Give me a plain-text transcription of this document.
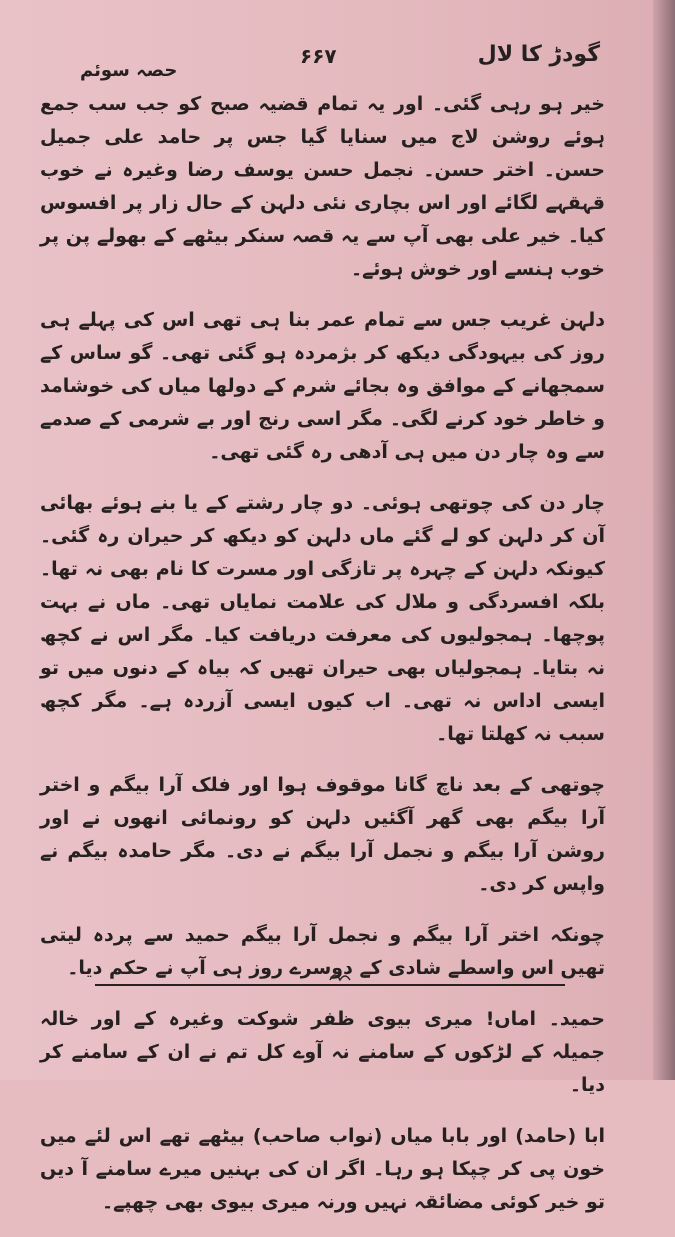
گودڑ کا لال
۶۶۷
حصہ سوئم

خیر ہو رہی گئی۔ اور یہ تمام قضیہ صبح کو جب سب جمع ہوئے روشن لاج میں سنایا گیا جس پر حامد علی جمیل حسن۔ اختر حسن۔ نجمل حسن یوسف رضا وغیرہ نے خوب قہقہے لگائے اور اس بچاری نئی دلہن کے حال زار پر افسوس کیا۔ خیر علی بھی آپ سے یہ قصہ سنکر بیٹھے کے بھولے پن پر خوب ہنسے اور خوش ہوئے۔

دلہن غریب جس سے تمام عمر بنا ہی تھی اس کی پہلے ہی روز کی بیہودگی دیکھ کر بژمردہ ہو گئی تھی۔ گو ساس کے سمجھانے کے موافق وہ بجائے شرم کے دولھا میاں کی خوشامد و خاطر خود کرنے لگی۔ مگر اسی رنج اور بے شرمی کے صدمے سے وہ چار دن میں ہی آدھی رہ گئی تھی۔

چار دن کی چوتھی ہوئی۔ دو چار رشتے کے یا بنے ہوئے بھائی آن کر دلہن کو لے گئے ماں دلہن کو دیکھ کر حیران رہ گئی۔ کیونکہ دلہن کے چہرہ پر تازگی اور مسرت کا نام بھی نہ تھا۔ بلکہ افسردگی و ملال کی علامت نمایاں تھی۔ ماں نے بہت پوچھا۔ ہمجولیوں کی معرفت دریافت کیا۔ مگر اس نے کچھ نہ بتایا۔ ہمجولیاں بھی حیران تھیں کہ بیاہ کے دنوں میں تو ایسی اداس نہ تھی۔ اب کیوں ایسی آزردہ ہے۔ مگر کچھ سبب نہ کھلتا تھا۔

چوتھی کے بعد ناچ گانا موقوف ہوا اور فلک آرا بیگم و اختر آرا بیگم بھی گھر آگئیں دلہن کو رونمائی انھوں نے اور روشن آرا بیگم و نجمل آرا بیگم نے دی۔ مگر حامدہ بیگم نے واپس کر دی۔

چونکہ اختر آرا بیگم و نجمل آرا بیگم حمید سے پردہ لیتی تھیں اس واسطے شادی کے دوسرے روز ہی آپ نے حکم دیا۔

حمید۔ اماں! میری بیوی ظفر شوکت وغیرہ کے اور خالہ جمیلہ کے لڑکوں کے سامنے نہ آوے کل تم نے ان کے سامنے کر دیا۔

ابا (حامد) اور بابا میاں (نواب صاحب) بیٹھے تھے اس لئے میں خون پی کر چپکا ہو رہا۔ اگر ان کی بہنیں میرے سامنے آ دیں تو خیر کوئی مضائقہ نہیں ورنہ میری بیوی بھی چھپے۔
